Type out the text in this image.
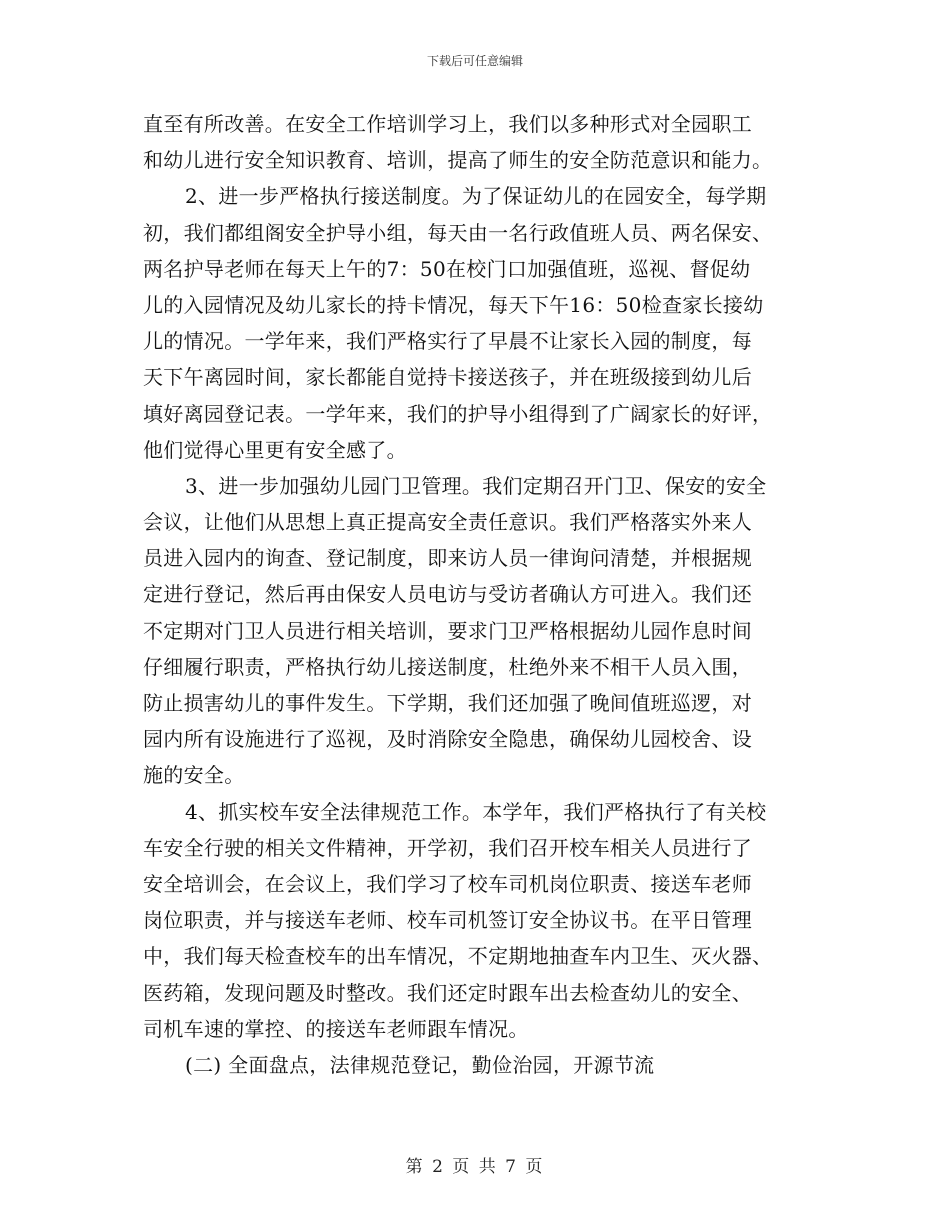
下载后可任意编辑
直至有所改善。在安全工作培训学习上，我们以多种形式对全园职工
和幼儿进行安全知识教育、培训，提高了师生的安全防范意识和能力。
2、进一步严格执行接送制度。为了保证幼儿的在园安全，每学期
初，我们都组阁安全护导小组，每天由一名行政值班人员、两名保安、
两名护导老师在每天上午的7：50在校门口加强值班，巡视、督促幼
儿的入园情况及幼儿家长的持卡情况，每天下午16：50检查家长接幼
儿的情况。一学年来，我们严格实行了早晨不让家长入园的制度，每
天下午离园时间，家长都能自觉持卡接送孩子，并在班级接到幼儿后
填好离园登记表。一学年来，我们的护导小组得到了广阔家长的好评，
他们觉得心里更有安全感了。
3、进一步加强幼儿园门卫管理。我们定期召开门卫、保安的安全
会议，让他们从思想上真正提高安全责任意识。我们严格落实外来人
员进入园内的询查、登记制度，即来访人员一律询问清楚，并根据规
定进行登记，然后再由保安人员电访与受访者确认方可进入。我们还
不定期对门卫人员进行相关培训，要求门卫严格根据幼儿园作息时间
仔细履行职责，严格执行幼儿接送制度，杜绝外来不相干人员入围，
防止损害幼儿的事件发生。下学期，我们还加强了晚间值班巡逻，对
园内所有设施进行了巡视，及时消除安全隐患，确保幼儿园校舍、设
施的安全。
4、抓实校车安全法律规范工作。本学年，我们严格执行了有关校
车安全行驶的相关文件精神，开学初，我们召开校车相关人员进行了
安全培训会，在会议上，我们学习了校车司机岗位职责、接送车老师
岗位职责，并与接送车老师、校车司机签订安全协议书。在平日管理
中，我们每天检查校车的出车情况，不定期地抽查车内卫生、灭火器、
医药箱，发现问题及时整改。我们还定时跟车出去检查幼儿的安全、
司机车速的掌控、的接送车老师跟车情况。
(二) 全面盘点，法律规范登记，勤俭治园，开源节流
第 2 页 共 7 页
